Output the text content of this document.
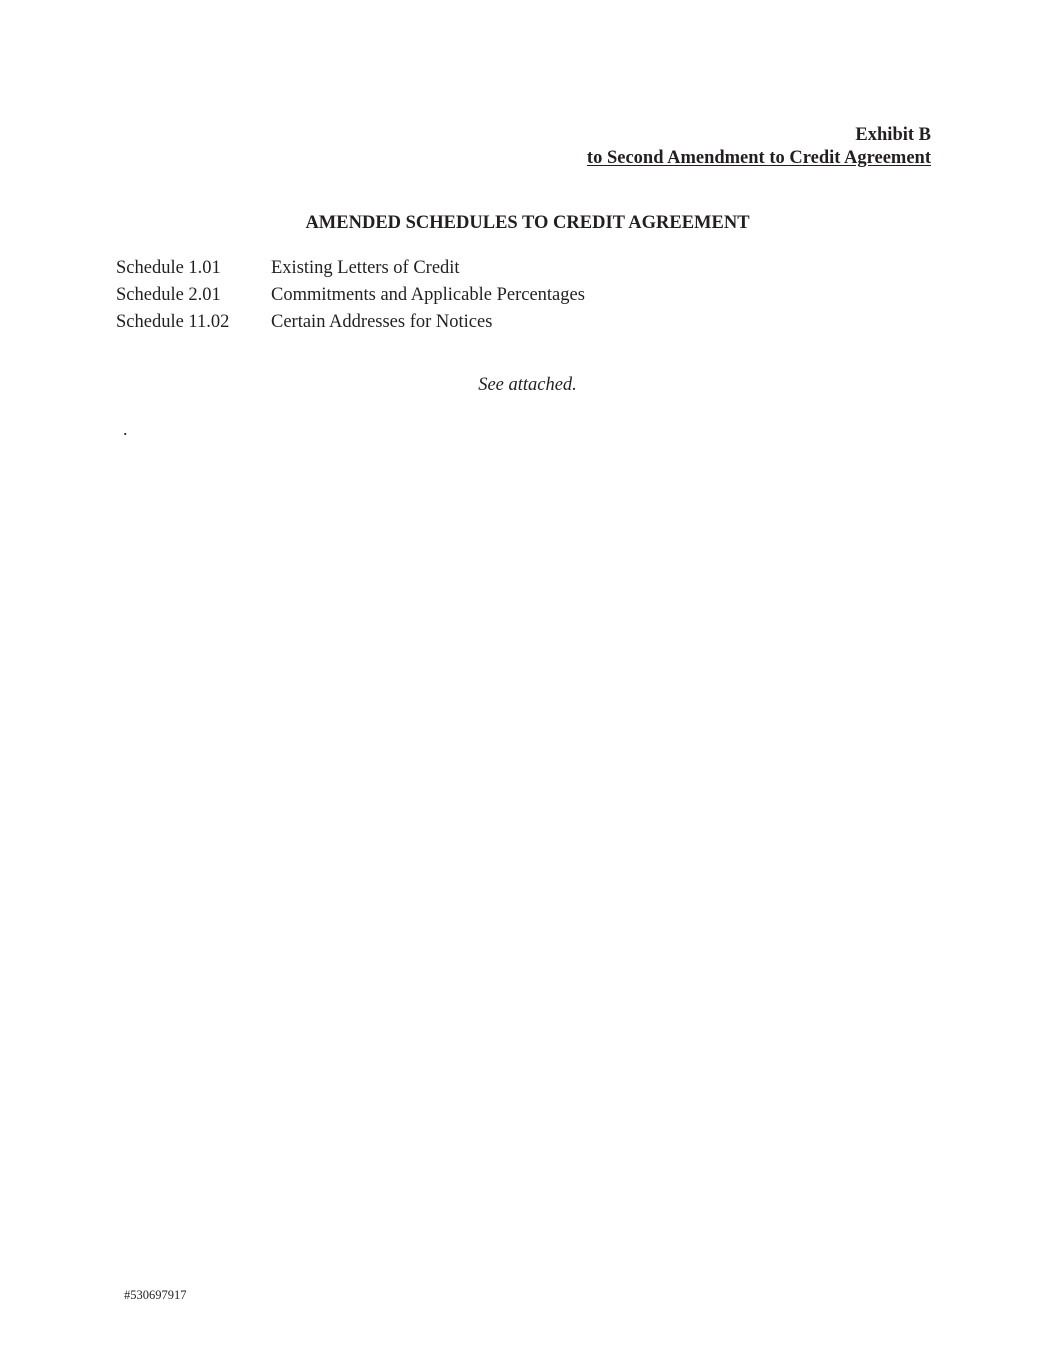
Exhibit B
to Second Amendment to Credit Agreement
AMENDED SCHEDULES TO CREDIT AGREEMENT
Schedule 1.01	Existing Letters of Credit
Schedule 2.01	Commitments and Applicable Percentages
Schedule 11.02	Certain Addresses for Notices
See attached.
.
#530697917
